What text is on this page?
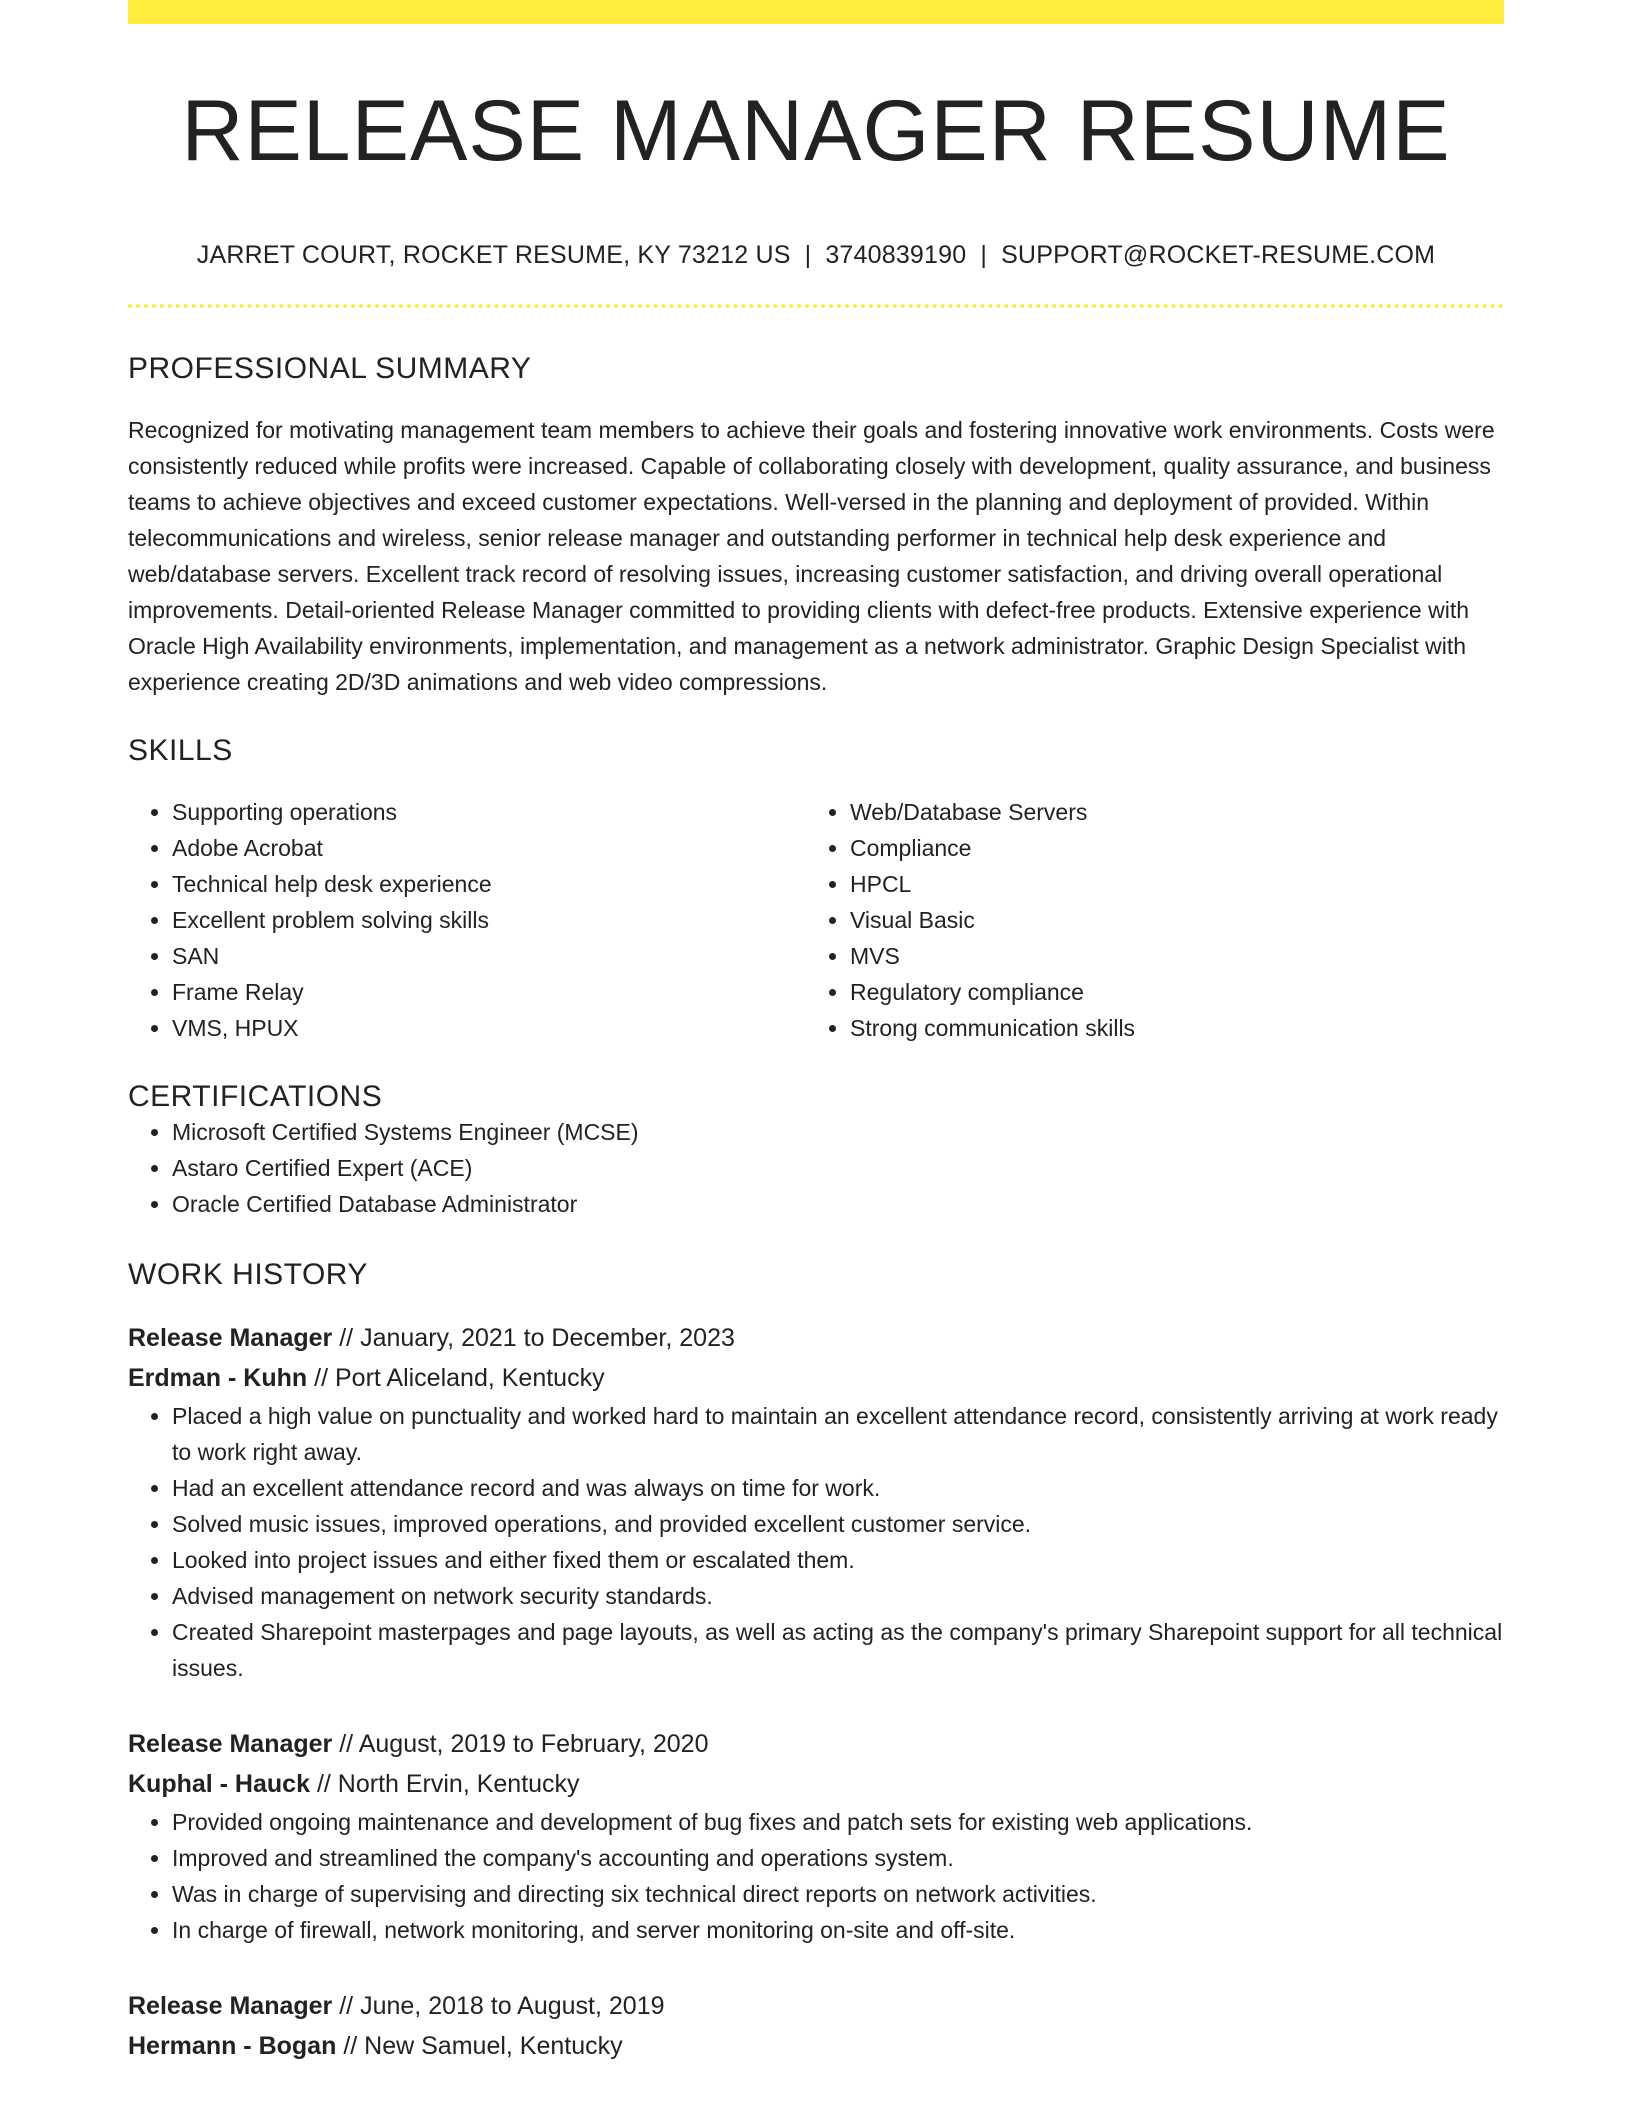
RELEASE MANAGER RESUME
JARRET COURT, ROCKET RESUME, KY 73212 US | 3740839190 | SUPPORT@ROCKET-RESUME.COM
PROFESSIONAL SUMMARY

Recognized for motivating management team members to achieve their goals and fostering innovative work environments. Costs were consistently reduced while profits were increased. Capable of collaborating closely with development, quality assurance, and business teams to achieve objectives and exceed customer expectations. Well-versed in the planning and deployment of provided. Within telecommunications and wireless, senior release manager and outstanding performer in technical help desk experience and web/database servers. Excellent track record of resolving issues, increasing customer satisfaction, and driving overall operational improvements. Detail-oriented Release Manager committed to providing clients with defect-free products. Extensive experience with Oracle High Availability environments, implementation, and management as a network administrator. Graphic Design Specialist with experience creating 2D/3D animations and web video compressions.

SKILLS
• Supporting operations
• Adobe Acrobat
• Technical help desk experience
• Excellent problem solving skills
• SAN
• Frame Relay
• VMS, HPUX
• Web/Database Servers
• Compliance
• HPCL
• Visual Basic
• MVS
• Regulatory compliance
• Strong communication skills
CERTIFICATIONS
• Microsoft Certified Systems Engineer (MCSE)
• Astaro Certified Expert (ACE)
• Oracle Certified Database Administrator
WORK HISTORY
Release Manager // January, 2021 to December, 2023
Erdman - Kuhn // Port Aliceland, Kentucky
• Placed a high value on punctuality and worked hard to maintain an excellent attendance record, consistently arriving at work ready to work right away.
• Had an excellent attendance record and was always on time for work.
• Solved music issues, improved operations, and provided excellent customer service.
• Looked into project issues and either fixed them or escalated them.
• Advised management on network security standards.
• Created Sharepoint masterpages and page layouts, as well as acting as the company's primary Sharepoint support for all technical issues.
Release Manager // August, 2019 to February, 2020
Kuphal - Hauck // North Ervin, Kentucky
• Provided ongoing maintenance and development of bug fixes and patch sets for existing web applications.
• Improved and streamlined the company's accounting and operations system.
• Was in charge of supervising and directing six technical direct reports on network activities.
• In charge of firewall, network monitoring, and server monitoring on-site and off-site.
Release Manager // June, 2018 to August, 2019
Hermann - Bogan // New Samuel, Kentucky
